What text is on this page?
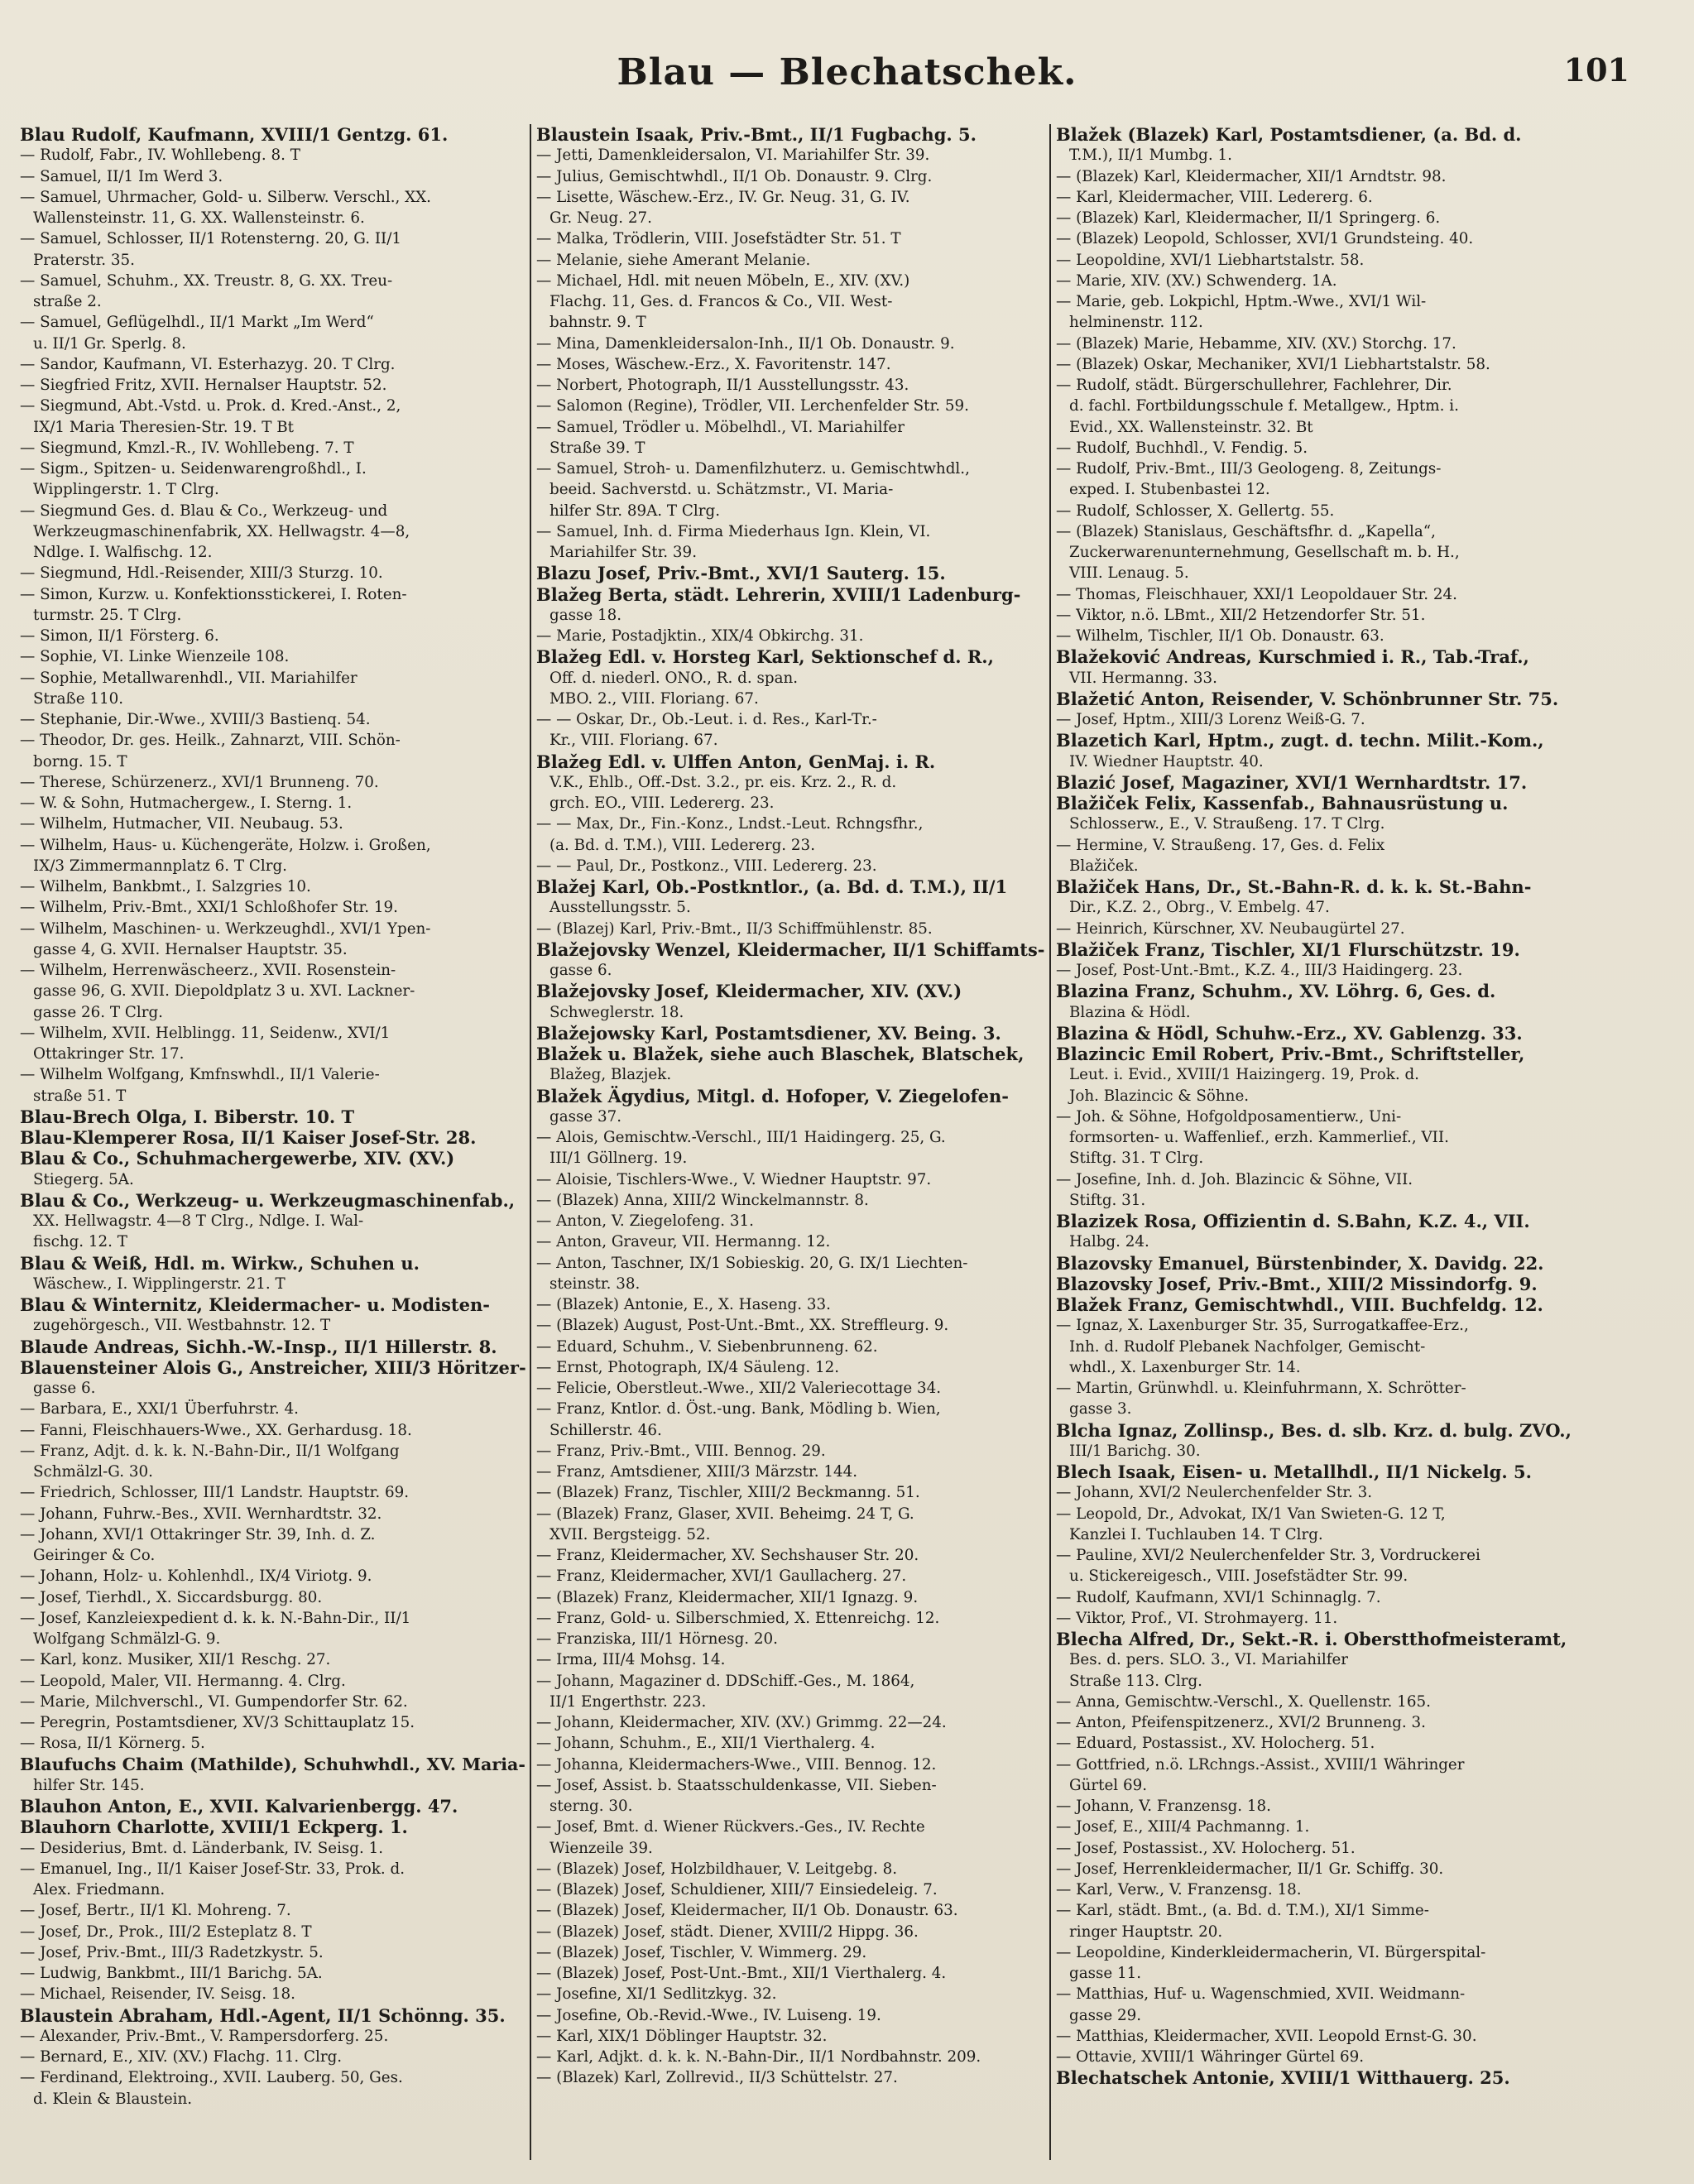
Blau — Blechatschek.	101
Blau Rudolf, Kaufmann, XVIII/1 Gentzg. 61.
— Rudolf, Fabr., IV. Wohllebeng. 8. T
— Samuel, II/1 Im Werd 3.
— Samuel, Uhrmacher, Gold- u. Silberw. Verschl., XX.
Wallensteinstr. 11, G. XX. Wallensteinstr. 6.
— Samuel, Schlosser, II/1 Rotensterng. 20, G. II/1
Praterstr. 35.
— Samuel, Schuhm., XX. Treustr. 8, G. XX. Treu-
straße 2.
— Samuel, Geflügelhdl., II/1 Markt „Im Werd“
u. II/1 Gr. Sperlg. 8.
— Sandor, Kaufmann, VI. Esterhazyg. 20. T Clrg.
— Siegfried Fritz, XVII. Hernalser Hauptstr. 52.
— Siegmund, Abt.-Vstd. u. Prok. d. Kred.-Anst., 2,
IX/1 Maria Theresien-Str. 19. T Bt
— Siegmund, Kmzl.-R., IV. Wohllebeng. 7. T
— Sigm., Spitzen- u. Seidenwarengroßhdl., I.
Wipplingerstr. 1. T Clrg.
— Siegmund Ges. d. Blau & Co., Werkzeug- und
Werkzeugmaschinenfabrik, XX. Hellwagstr. 4—8,
Ndlge. I. Walfischg. 12.
— Siegmund, Hdl.-Reisender, XIII/3 Sturzg. 10.
— Simon, Kurzw. u. Konfektionsstickerei, I. Roten-
turmstr. 25. T Clrg.
— Simon, II/1 Försterg. 6.
— Sophie, VI. Linke Wienzeile 108.
— Sophie, Metallwarenhdl., VII. Mariahilfer
Straße 110.
— Stephanie, Dir.-Wwe., XVIII/3 Bastienq. 54.
— Theodor, Dr. ges. Heilk., Zahnarzt, VIII. Schön-
borng. 15. T
— Therese, Schürzenerz., XVI/1 Brunneng. 70.
— W. & Sohn, Hutmachergew., I. Sterng. 1.
— Wilhelm, Hutmacher, VII. Neubaug. 53.
— Wilhelm, Haus- u. Küchengeräte, Holzw. i. Großen,
IX/3 Zimmermannplatz 6. T Clrg.
— Wilhelm, Bankbmt., I. Salzgries 10.
— Wilhelm, Priv.-Bmt., XXI/1 Schloßhofer Str. 19.
— Wilhelm, Maschinen- u. Werkzeughdl., XVI/1 Ypen-
gasse 4, G. XVII. Hernalser Hauptstr. 35.
— Wilhelm, Herrenwäscheerz., XVII. Rosenstein-
gasse 96, G. XVII. Diepoldplatz 3 u. XVI. Lackner-
gasse 26. T Clrg.
— Wilhelm, XVII. Helblingg. 11, Seidenw., XVI/1
Ottakringer Str. 17.
— Wilhelm Wolfgang, Kmfnswhdl., II/1 Valerie-
straße 51. T
Blau-Brech Olga, I. Biberstr. 10. T
Blau-Klemperer Rosa, II/1 Kaiser Josef-Str. 28.
Blau & Co., Schuhmachergewerbe, XIV. (XV.)
Stiegerg. 5A.
Blau & Co., Werkzeug- u. Werkzeugmaschinenfab.,
XX. Hellwagstr. 4—8 T Clrg., Ndlge. I. Wal-
fischg. 12. T
Blau & Weiß, Hdl. m. Wirkw., Schuhen u.
Wäschew., I. Wipplingerstr. 21. T
Blau & Winternitz, Kleidermacher- u. Modisten-
zugehörgesch., VII. Westbahnstr. 12. T
Blaude Andreas, Sichh.-W.-Insp., II/1 Hillerstr. 8.
Blauensteiner Alois G., Anstreicher, XIII/3 Höritzer-
gasse 6.
— Barbara, E., XXI/1 Überfuhrstr. 4.
— Fanni, Fleischhauers-Wwe., XX. Gerhardusg. 18.
— Franz, Adjt. d. k. k. N.-Bahn-Dir., II/1 Wolfgang
Schmälzl-G. 30.
— Friedrich, Schlosser, III/1 Landstr. Hauptstr. 69.
— Johann, Fuhrw.-Bes., XVII. Wernhardtstr. 32.
— Johann, XVI/1 Ottakringer Str. 39, Inh. d. Z.
Geiringer & Co.
— Johann, Holz- u. Kohlenhdl., IX/4 Viriotg. 9.
— Josef, Tierhdl., X. Siccardsburgg. 80.
— Josef, Kanzleiexpedient d. k. k. N.-Bahn-Dir., II/1
Wolfgang Schmälzl-G. 9.
— Karl, konz. Musiker, XII/1 Reschg. 27.
— Leopold, Maler, VII. Hermanng. 4. Clrg.
— Marie, Milchverschl., VI. Gumpendorfer Str. 62.
— Peregrin, Postamtsdiener, XV/3 Schittauplatz 15.
— Rosa, II/1 Körnerg. 5.
Blaufuchs Chaim (Mathilde), Schuhwhdl., XV. Maria-
hilfer Str. 145.
Blauhon Anton, E., XVII. Kalvarienbergg. 47.
Blauhorn Charlotte, XVIII/1 Eckperg. 1.
— Desiderius, Bmt. d. Länderbank, IV. Seisg. 1.
— Emanuel, Ing., II/1 Kaiser Josef-Str. 33, Prok. d.
Alex. Friedmann.
— Josef, Bertr., II/1 Kl. Mohreng. 7.
— Josef, Dr., Prok., III/2 Esteplatz 8. T
— Josef, Priv.-Bmt., III/3 Radetzkystr. 5.
— Ludwig, Bankbmt., III/1 Barichg. 5A.
— Michael, Reisender, IV. Seisg. 18.
Blaustein Abraham, Hdl.-Agent, II/1 Schönng. 35.
— Alexander, Priv.-Bmt., V. Rampersdorferg. 25.
— Bernard, E., XIV. (XV.) Flachg. 11. Clrg.
— Ferdinand, Elektroing., XVII. Lauberg. 50, Ges.
d. Klein & Blaustein.
Blaustein Isaak, Priv.-Bmt., II/1 Fugbachg. 5.
— Jetti, Damenkleidersalon, VI. Mariahilfer Str. 39.
— Julius, Gemischtwhdl., II/1 Ob. Donaustr. 9. Clrg.
— Lisette, Wäschew.-Erz., IV. Gr. Neug. 31, G. IV.
Gr. Neug. 27.
— Malka, Trödlerin, VIII. Josefstädter Str. 51. T
— Melanie, siehe Amerant Melanie.
— Michael, Hdl. mit neuen Möbeln, E., XIV. (XV.)
Flachg. 11, Ges. d. Francos & Co., VII. West-
bahnstr. 9. T
— Mina, Damenkleidersalon-Inh., II/1 Ob. Donaustr. 9.
— Moses, Wäschew.-Erz., X. Favoritenstr. 147.
— Norbert, Photograph, II/1 Ausstellungsstr. 43.
— Salomon (Regine), Trödler, VII. Lerchenfelder Str. 59.
— Samuel, Trödler u. Möbelhdl., VI. Mariahilfer
Straße 39. T
— Samuel, Stroh- u. Damenfilzhuterz. u. Gemischtwhdl.,
beeid. Sachverstd. u. Schätzmstr., VI. Maria-
hilfer Str. 89A. T Clrg.
— Samuel, Inh. d. Firma Miederhaus Ign. Klein, VI.
Mariahilfer Str. 39.
Blazu Josef, Priv.-Bmt., XVI/1 Sauterg. 15.
Blažeg Berta, städt. Lehrerin, XVIII/1 Ladenburg-
gasse 18.
— Marie, Postadjktin., XIX/4 Obkirchg. 31.
Blažeg Edl. v. Horsteg Karl, Sektionschef d. R.,
Off. d. niederl. ONO., R. d. span.
MBO. 2., VIII. Floriang. 67.
— — Oskar, Dr., Ob.-Leut. i. d. Res., Karl-Tr.-
Kr., VIII. Floriang. 67.
Blažeg Edl. v. Ulffen Anton, GenMaj. i. R.
V.K., Ehlb., Off.-Dst. 3.2., pr. eis. Krz. 2., R. d.
grch. EO., VIII. Ledererg. 23.
— — Max, Dr., Fin.-Konz., Lndst.-Leut. Rchngsfhr.,
(a. Bd. d. T.M.), VIII. Ledererg. 23.
— — Paul, Dr., Postkonz., VIII. Ledererg. 23.
Blažej Karl, Ob.-Postkntlor., (a. Bd. d. T.M.), II/1
Ausstellungsstr. 5.
— (Blazej) Karl, Priv.-Bmt., II/3 Schiffmühlenstr. 85.
Blažejovsky Wenzel, Kleidermacher, II/1 Schiffamts-
gasse 6.
Blažejovsky Josef, Kleidermacher, XIV. (XV.)
Schweglerstr. 18.
Blažejowsky Karl, Postamtsdiener, XV. Being. 3.
Blažek u. Blažek, siehe auch Blaschek, Blatschek,
Blažeg, Blazjek.
Blažek Ägydius, Mitgl. d. Hofoper, V. Ziegelofen-
gasse 37.
— Alois, Gemischtw.-Verschl., III/1 Haidingerg. 25, G.
III/1 Göllnerg. 19.
— Aloisie, Tischlers-Wwe., V. Wiedner Hauptstr. 97.
— (Blazek) Anna, XIII/2 Winckelmannstr. 8.
— Anton, V. Ziegelofeng. 31.
— Anton, Graveur, VII. Hermanng. 12.
— Anton, Taschner, IX/1 Sobieskig. 20, G. IX/1 Liechten-
steinstr. 38.
— (Blazek) Antonie, E., X. Haseng. 33.
— (Blazek) August, Post-Unt.-Bmt., XX. Streffleurg. 9.
— Eduard, Schuhm., V. Siebenbrunneng. 62.
— Ernst, Photograph, IX/4 Säuleng. 12.
— Felicie, Oberstleut.-Wwe., XII/2 Valeriecottage 34.
— Franz, Kntlor. d. Öst.-ung. Bank, Mödling b. Wien,
Schillerstr. 46.
— Franz, Priv.-Bmt., VIII. Bennog. 29.
— Franz, Amtsdiener, XIII/3 Märzstr. 144.
— (Blazek) Franz, Tischler, XIII/2 Beckmanng. 51.
— (Blazek) Franz, Glaser, XVII. Beheimg. 24 T, G.
XVII. Bergsteigg. 52.
— Franz, Kleidermacher, XV. Sechshauser Str. 20.
— Franz, Kleidermacher, XVI/1 Gaullacherg. 27.
— (Blazek) Franz, Kleidermacher, XII/1 Ignazg. 9.
— Franz, Gold- u. Silberschmied, X. Ettenreichg. 12.
— Franziska, III/1 Hörnesg. 20.
— Irma, III/4 Mohsg. 14.
— Johann, Magaziner d. DDSchiff.-Ges., M. 1864,
II/1 Engerthstr. 223.
— Johann, Kleidermacher, XIV. (XV.) Grimmg. 22—24.
— Johann, Schuhm., E., XII/1 Vierthalerg. 4.
— Johanna, Kleidermachers-Wwe., VIII. Bennog. 12.
— Josef, Assist. b. Staatsschuldenkasse, VII. Sieben-
sterng. 30.
— Josef, Bmt. d. Wiener Rückvers.-Ges., IV. Rechte
Wienzeile 39.
— (Blazek) Josef, Holzbildhauer, V. Leitgebg. 8.
— (Blazek) Josef, Schuldiener, XIII/7 Einsiedeleig. 7.
— (Blazek) Josef, Kleidermacher, II/1 Ob. Donaustr. 63.
— (Blazek) Josef, städt. Diener, XVIII/2 Hippg. 36.
— (Blazek) Josef, Tischler, V. Wimmerg. 29.
— (Blazek) Josef, Post-Unt.-Bmt., XII/1 Vierthalerg. 4.
— Josefine, XI/1 Sedlitzkyg. 32.
— Josefine, Ob.-Revid.-Wwe., IV. Luiseng. 19.
— Karl, XIX/1 Döblinger Hauptstr. 32.
— Karl, Adjkt. d. k. k. N.-Bahn-Dir., II/1 Nordbahnstr. 209.
— (Blazek) Karl, Zollrevid., II/3 Schüttelstr. 27.
Blažek (Blazek) Karl, Postamtsdiener, (a. Bd. d.
T.M.), II/1 Mumbg. 1.
— (Blazek) Karl, Kleidermacher, XII/1 Arndtstr. 98.
— Karl, Kleidermacher, VIII. Ledererg. 6.
— (Blazek) Karl, Kleidermacher, II/1 Springerg. 6.
— (Blazek) Leopold, Schlosser, XVI/1 Grundsteing. 40.
— Leopoldine, XVI/1 Liebhartstalstr. 58.
— Marie, XIV. (XV.) Schwenderg. 1A.
— Marie, geb. Lokpichl, Hptm.-Wwe., XVI/1 Wil-
helminenstr. 112.
— (Blazek) Marie, Hebamme, XIV. (XV.) Storchg. 17.
— (Blazek) Oskar, Mechaniker, XVI/1 Liebhartstalstr. 58.
— Rudolf, städt. Bürgerschullehrer, Fachlehrer, Dir.
d. fachl. Fortbildungsschule f. Metallgew., Hptm. i.
Evid., XX. Wallensteinstr. 32. Bt
— Rudolf, Buchhdl., V. Fendig. 5.
— Rudolf, Priv.-Bmt., III/3 Geologeng. 8, Zeitungs-
exped. I. Stubenbastei 12.
— Rudolf, Schlosser, X. Gellertg. 55.
— (Blazek) Stanislaus, Geschäftsfhr. d. „Kapella“,
Zuckerwarenunternehmung, Gesellschaft m. b. H.,
VIII. Lenaug. 5.
— Thomas, Fleischhauer, XXI/1 Leopoldauer Str. 24.
— Viktor, n.ö. LBmt., XII/2 Hetzendorfer Str. 51.
— Wilhelm, Tischler, II/1 Ob. Donaustr. 63.
Blažeković Andreas, Kurschmied i. R., Tab.-Traf.,
VII. Hermanng. 33.
Blažetić Anton, Reisender, V. Schönbrunner Str. 75.
— Josef, Hptm., XIII/3 Lorenz Weiß-G. 7.
Blazetich Karl, Hptm., zugt. d. techn. Milit.-Kom.,
IV. Wiedner Hauptstr. 40.
Blazić Josef, Magaziner, XVI/1 Wernhardtstr. 17.
Blažiček Felix, Kassenfab., Bahnausrüstung u.
Schlosserw., E., V. Straußeng. 17. T Clrg.
— Hermine, V. Straußeng. 17, Ges. d. Felix
Blažiček.
Blažiček Hans, Dr., St.-Bahn-R. d. k. k. St.-Bahn-
Dir., K.Z. 2., Obrg., V. Embelg. 47.
— Heinrich, Kürschner, XV. Neubaugürtel 27.
Blažiček Franz, Tischler, XI/1 Flurschützstr. 19.
— Josef, Post-Unt.-Bmt., K.Z. 4., III/3 Haidingerg. 23.
Blazina Franz, Schuhm., XV. Löhrg. 6, Ges. d.
Blazina & Hödl.
Blazina & Hödl, Schuhw.-Erz., XV. Gablenzg. 33.
Blazincic Emil Robert, Priv.-Bmt., Schriftsteller,
Leut. i. Evid., XVIII/1 Haizingerg. 19, Prok. d.
Joh. Blazincic & Söhne.
— Joh. & Söhne, Hofgoldposamentierw., Uni-
formsorten- u. Waffenlief., erzh. Kammerlief., VII.
Stiftg. 31. T Clrg.
— Josefine, Inh. d. Joh. Blazincic & Söhne, VII.
Stiftg. 31.
Blazizek Rosa, Offizientin d. S.Bahn, K.Z. 4., VII.
Halbg. 24.
Blazovsky Emanuel, Bürstenbinder, X. Davidg. 22.
Blazovsky Josef, Priv.-Bmt., XIII/2 Missindorfg. 9.
Blažek Franz, Gemischtwhdl., VIII. Buchfeldg. 12.
— Ignaz, X. Laxenburger Str. 35, Surrogatkaffee-Erz.,
Inh. d. Rudolf Plebanek Nachfolger, Gemischt-
whdl., X. Laxenburger Str. 14.
— Martin, Grünwhdl. u. Kleinfuhrmann, X. Schrötter-
gasse 3.
Blcha Ignaz, Zollinsp., Bes. d. slb. Krz. d. bulg. ZVO.,
III/1 Barichg. 30.
Blech Isaak, Eisen- u. Metallhdl., II/1 Nickelg. 5.
— Johann, XVI/2 Neulerchenfelder Str. 3.
— Leopold, Dr., Advokat, IX/1 Van Swieten-G. 12 T,
Kanzlei I. Tuchlauben 14. T Clrg.
— Pauline, XVI/2 Neulerchenfelder Str. 3, Vordruckerei
u. Stickereigesch., VIII. Josefstädter Str. 99.
— Rudolf, Kaufmann, XVI/1 Schinnaglg. 7.
— Viktor, Prof., VI. Strohmayerg. 11.
Blecha Alfred, Dr., Sekt.-R. i. Oberstthofmeisteramt,
Bes. d. pers. SLO. 3., VI. Mariahilfer
Straße 113. Clrg.
— Anna, Gemischtw.-Verschl., X. Quellenstr. 165.
— Anton, Pfeifenspitzenerz., XVI/2 Brunneng. 3.
— Eduard, Postassist., XV. Holocherg. 51.
— Gottfried, n.ö. LRchngs.-Assist., XVIII/1 Währinger
Gürtel 69.
— Johann, V. Franzensg. 18.
— Josef, E., XIII/4 Pachmanng. 1.
— Josef, Postassist., XV. Holocherg. 51.
— Josef, Herrenkleidermacher, II/1 Gr. Schiffg. 30.
— Karl, Verw., V. Franzensg. 18.
— Karl, städt. Bmt., (a. Bd. d. T.M.), XI/1 Simme-
ringer Hauptstr. 20.
— Leopoldine, Kinderkleidermacherin, VI. Bürgerspital-
gasse 11.
— Matthias, Huf- u. Wagenschmied, XVII. Weidmann-
gasse 29.
— Matthias, Kleidermacher, XVII. Leopold Ernst-G. 30.
— Ottavie, XVIII/1 Währinger Gürtel 69.
Blechatschek Antonie, XVIII/1 Witthauerg. 25.
